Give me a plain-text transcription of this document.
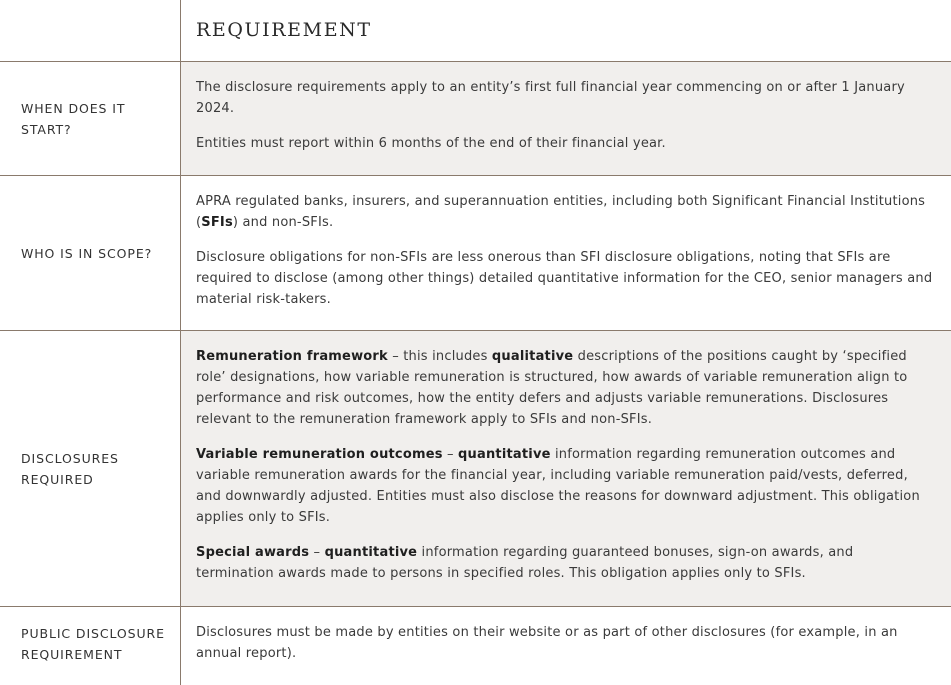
REQUIREMENT
WHEN DOES IT
START?

The disclosure requirements apply to an entity’s first full financial year commencing on or after 1 January 2024.

Entities must report within 6 months of the end of their financial year.

WHO IS IN SCOPE?

APRA regulated banks, insurers, and superannuation entities, including both Significant Financial Institutions (SFIs) and non-SFIs.

Disclosure obligations for non-SFIs are less onerous than SFI disclosure obligations, noting that SFIs are required to disclose (among other things) detailed quantitative information for the CEO, senior managers and material risk-takers.

DISCLOSURES
REQUIRED

Remuneration framework – this includes qualitative descriptions of the positions caught by ‘specified role’ designations, how variable remuneration is structured, how awards of variable remuneration align to performance and risk outcomes, how the entity defers and adjusts variable remunerations. Disclosures relevant to the remuneration framework apply to SFIs and non-SFIs.

Variable remuneration outcomes – quantitative information regarding remuneration outcomes and variable remuneration awards for the financial year, including variable remuneration paid/vests, deferred, and downwardly adjusted. Entities must also disclose the reasons for downward adjustment. This obligation applies only to SFIs.

Special awards – quantitative information regarding guaranteed bonuses, sign-on awards, and termination awards made to persons in specified roles. This obligation applies only to SFIs.

PUBLIC DISCLOSURE
REQUIREMENT

Disclosures must be made by entities on their website or as part of other disclosures (for example, in an annual report).
